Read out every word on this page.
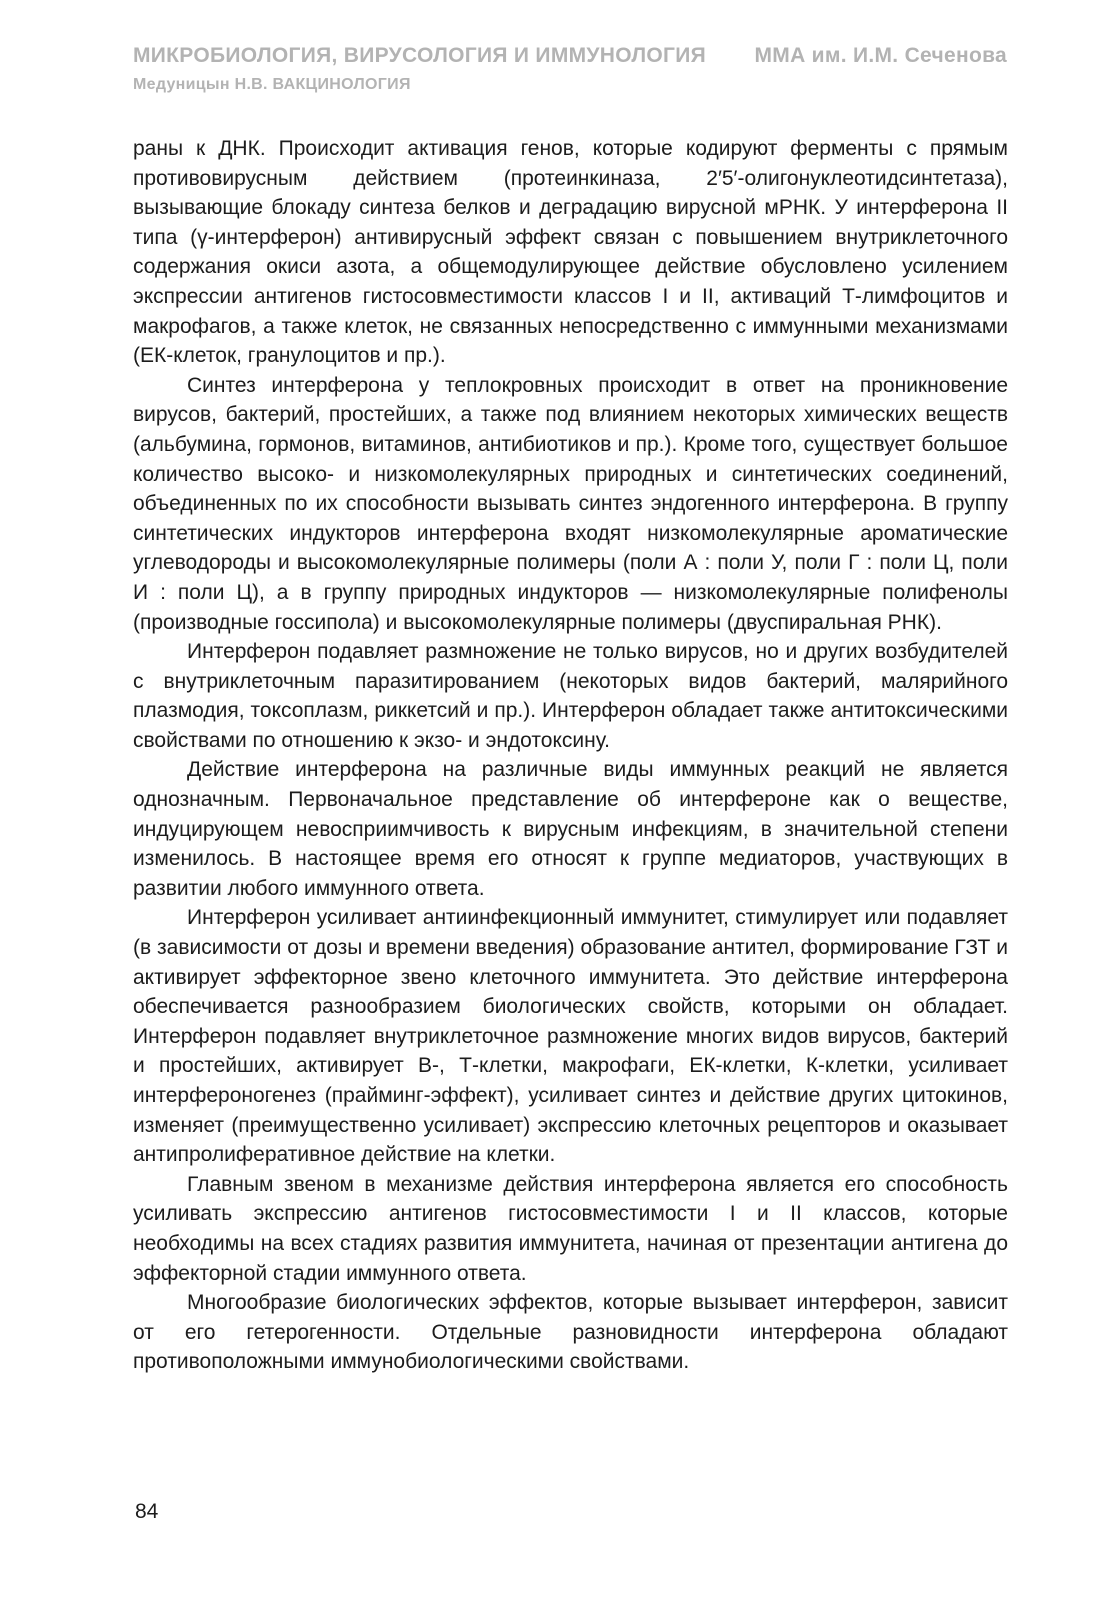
МИКРОБИОЛОГИЯ, ВИРУСОЛОГИЯ И ИММУНОЛОГИЯ ММА им. И.М. Сеченова
Медуницын Н.В. ВАКЦИНОЛОГИЯ

раны к ДНК. Происходит активация генов, которые кодируют ферменты с прямым противовирусным действием (протеинкиназа, 2′5′-олигонуклеотидсинтетаза), вызывающие блокаду синтеза белков и деградацию вирусной мРНК. У интерферона II типа (γ-интерферон) антивирусный эффект связан с повышением внутриклеточного содержания окиси азота, а общемодулирующее действие обусловлено усилением экспрессии антигенов гистосовместимости классов I и II, активаций Т-лимфоцитов и макрофагов, а также клеток, не связанных непосредственно с иммунными механизмами (ЕК-клеток, гранулоцитов и пр.).

Синтез интерферона у теплокровных происходит в ответ на проникновение вирусов, бактерий, простейших, а также под влиянием некоторых химических веществ (альбумина, гормонов, витаминов, антибиотиков и пр.). Кроме того, существует большое количество высоко- и низкомолекулярных природных и синтетических соединений, объединенных по их способности вызывать синтез эндогенного интерферона. В группу синтетических индукторов интерферона входят низкомолекулярные ароматические углеводороды и высокомолекулярные полимеры (поли А : поли У, поли Г : поли Ц, поли И : поли Ц), а в группу природных индукторов — низкомолекулярные полифенолы (производные госсипола) и высокомолекулярные полимеры (двуспиральная РНК).

Интерферон подавляет размножение не только вирусов, но и других возбудителей с внутриклеточным паразитированием (некоторых видов бактерий, малярийного плазмодия, токсоплазм, риккетсий и пр.). Интерферон обладает также антитоксическими свойствами по отношению к экзо- и эндотоксину.

Действие интерферона на различные виды иммунных реакций не является однозначным. Первоначальное представление об интерфероне как о веществе, индуцирующем невосприимчивость к вирусным инфекциям, в значительной степени изменилось. В настоящее время его относят к группе медиаторов, участвующих в развитии любого иммунного ответа.

Интерферон усиливает антиинфекционный иммунитет, стимулирует или подавляет (в зависимости от дозы и времени введения) образование антител, формирование ГЗТ и активирует эффекторное звено клеточного иммунитета. Это действие интерферона обеспечивается разнообразием биологических свойств, которыми он обладает. Интерферон подавляет внутриклеточное размножение многих видов вирусов, бактерий и простейших, активирует В-, Т-клетки, макрофаги, ЕК-клетки, К-клетки, усиливает интерфероногенез (прайминг-эффект), усиливает синтез и действие других цитокинов, изменяет (преимущественно усиливает) экспрессию клеточных рецепторов и оказывает антипролиферативное действие на клетки.

Главным звеном в механизме действия интерферона является его способность усиливать экспрессию антигенов гистосовместимости I и II классов, которые необходимы на всех стадиях развития иммунитета, начиная от презентации антигена до эффекторной стадии иммунного ответа.

Многообразие биологических эффектов, которые вызывает интерферон, зависит от его гетерогенности. Отдельные разновидности интерферона обладают противоположными иммунобиологическими свойствами.

84
